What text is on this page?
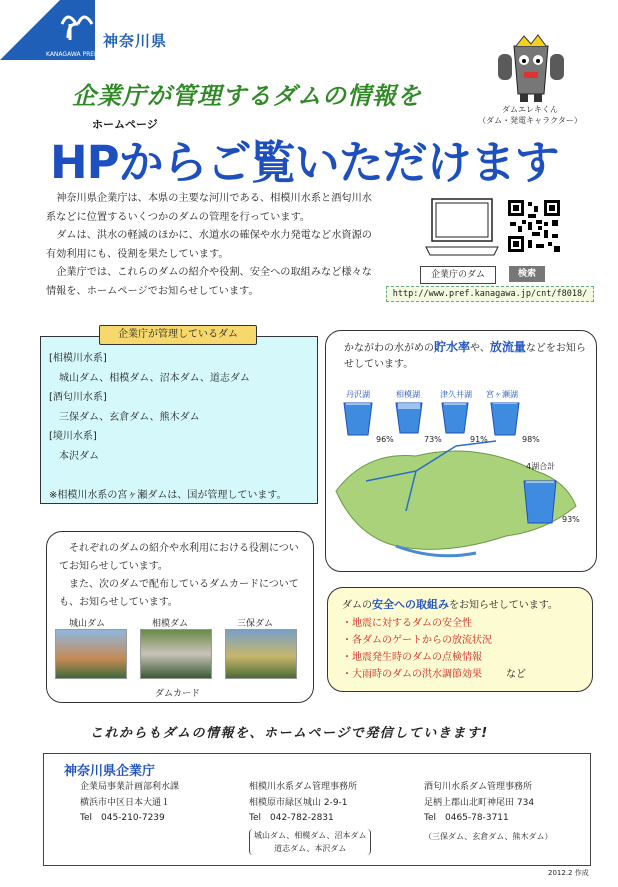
KANAGAWA PREF
神奈川県
ダムエレキくん
（ダム・発電キャラクター）
企業庁が管理するダムの情報を
ホームページ
HPからご覧いただけます

神奈川県企業庁は、本県の主要な河川である、相模川水系と酒匂川水系などに位置するいくつかのダムの管理を行っています。

ダムは、洪水の軽減のほかに、水道水の確保や水力発電など水資源の有効利用にも、役割を果たしています。

企業庁では、これらのダムの紹介や役割、安全への取組みなど様々な情報を、ホームページでお知らせしています。

企業庁のダム	検索
http://www.pref.kanagawa.jp/cnt/f8018/
企業庁が管理しているダム
[相模川水系]
　城山ダム、相模ダム、沼本ダム、道志ダム
[酒匂川水系]
　三保ダム、玄倉ダム、熊木ダム
[境川水系]
　本沢ダム
※相模川水系の宮ヶ瀬ダムは、国が管理しています。
かながわの水がめの貯水率や、放流量などをお知らせしています。
丹沢湖	相模湖	津久井湖 宮ヶ瀬湖
96%	73%	91%	98%
4湖合計
93%

それぞれのダムの紹介や水利用における役割についてお知らせしています。

また、次のダムで配布しているダムカードについても、お知らせしています。

城山ダム	相模ダム	三保ダム
ダムカード
ダムの安全への取組みをお知らせしています。
・地震に対するダムの安全性
・各ダムのゲートからの放流状況
・地震発生時のダムの点検情報
・大雨時のダムの洪水調節効果 など
これからもダムの情報を、ホームページで発信していきます!
神奈川県企業庁
企業局事業計画部利水課
横浜市中区日本大通１
Tel　045-210-7239
相模川水系ダム管理事務所
相模原市緑区城山 2-9-1
Tel　042-782-2831
城山ダム、相模ダム、沼本ダム
道志ダム、本沢ダム
酒匂川水系ダム管理事務所
足柄上郡山北町神尾田 734
Tel　0465-78-3711
（三保ダム、玄倉ダム、熊木ダム）
2012.2 作成
